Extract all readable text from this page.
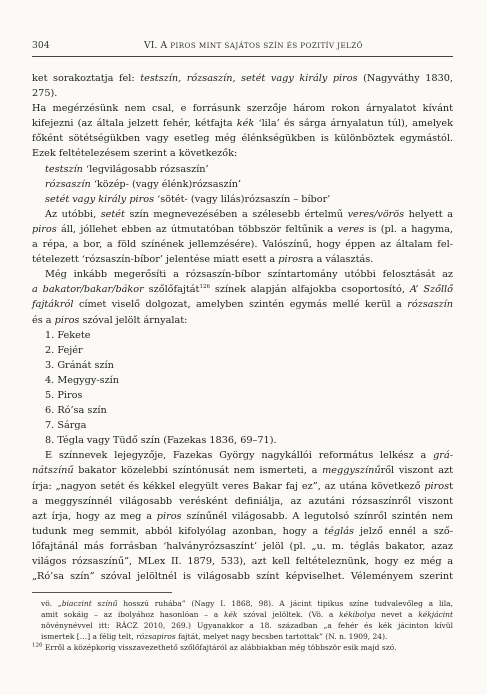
304	VI. A PIROS MINT SAJÁTOS SZÍN ÉS POZITÍV JELZŐ

ket sorakoztatja fel: testszín, rózsaszín, setét vagy király piros (Nagyváthy 1830, 275).
Ha megérzésünk nem csal, e forrásunk szerzője három rokon árnyalatot kívánt
kifejezni (az általa jelzett fehér, kétfajta kék ‘lila’ és sárga árnyalatun túl), amelyek
főként sötétségükben vagy esetleg még élénkségükben is különböztek egymástól.
Ezek feltételezésem szerint a következők:

testszín ‘legvilágosabb rózsaszín’
rózsaszín ‘közép- (vagy élénk)rózsaszín’
setét vagy király piros ‘sötét- (vagy lilás)rózsaszín – bíbor’

Az utóbbi, setét szín megnevezésében a szélesebb értelmű veres/vörös helyett a
piros áll, jóllehet ebben az útmutatóban többször feltűnik a veres is (pl. a hagyma,
a répa, a bor, a föld színének jellemzésére). Valószínű, hogy éppen az általam fel-
tételezett ‘rózsaszín-bíbor’ jelentése miatt esett a pirosra a választás.

Még inkább megerősíti a rózsaszín-bíbor színtartomány utóbbi felosztását az
a bakator/bakar/bákor szőlőfajtát$^{126}$ színek alapján alfajokba csoportosító, A’ Szőllő
fajtákról címet viselő dolgozat, amelyben szintén egymás mellé kerül a rózsaszín
és a piros szóval jelölt árnyalat:

1. Fekete
2. Fejér
3. Gránát szín
4. Megygy-szín
5. Piros
6. Ró’sa szín
7. Sárga
8. Tégla vagy Tüdő szín (Fazekas 1836, 69–71).

E színnevek lejegyzője, Fazekas György nagykállói református lelkész a grá-
nátszínű bakator közelebbi színtónusát nem ismerteti, a meggyszínűről viszont azt
írja: „nagyon setét és kékkel elegyült veres Bakar faj ez”, az utána következő pirost
a meggyszínnél világosabb verésként definiálja, az azutáni rózsaszínről viszont
azt írja, hogy az meg a piros színűnél világosabb. A legutolsó színről szintén nem
tudunk meg semmit, abból kifolyólag azonban, hogy a téglás jelző ennél a sző-
lőfajtánál más forrásban ‘halványrózsaszínt’ jelöl (pl. „u. m. téglás bakator, azaz
világos rózsaszínű”, MLex II. 1879, 533), azt kell feltételeznünk, hogy ez még a
„Ró’sa szín” szóval jelöltnél is világosabb színt képviselhet. Véleményem szerint

vö. „biaczint színű hosszú ruhába” (Nagy I. 1868, 98). A jácint tipikus színe tudvalevőleg a lila,
amit sokáig – az ibolyához hasonlóan – a kék szóval jelöltek. (Vö. a kékibolya nevet a kékjácint
növénynévvel itt: RÁCZ 2010, 269.) Ugyanakkor a 18. században „a fehér és kék jácinton kívül
ismertek […] a félig telt, rózsapiros fajtát, melyet nagy becsben tartottak” (N. n. 1909, 24).
$^{126}$ Erről a középkorig visszavezethető szőlőfajtáról az alábbiakban még többször esik majd szó.
